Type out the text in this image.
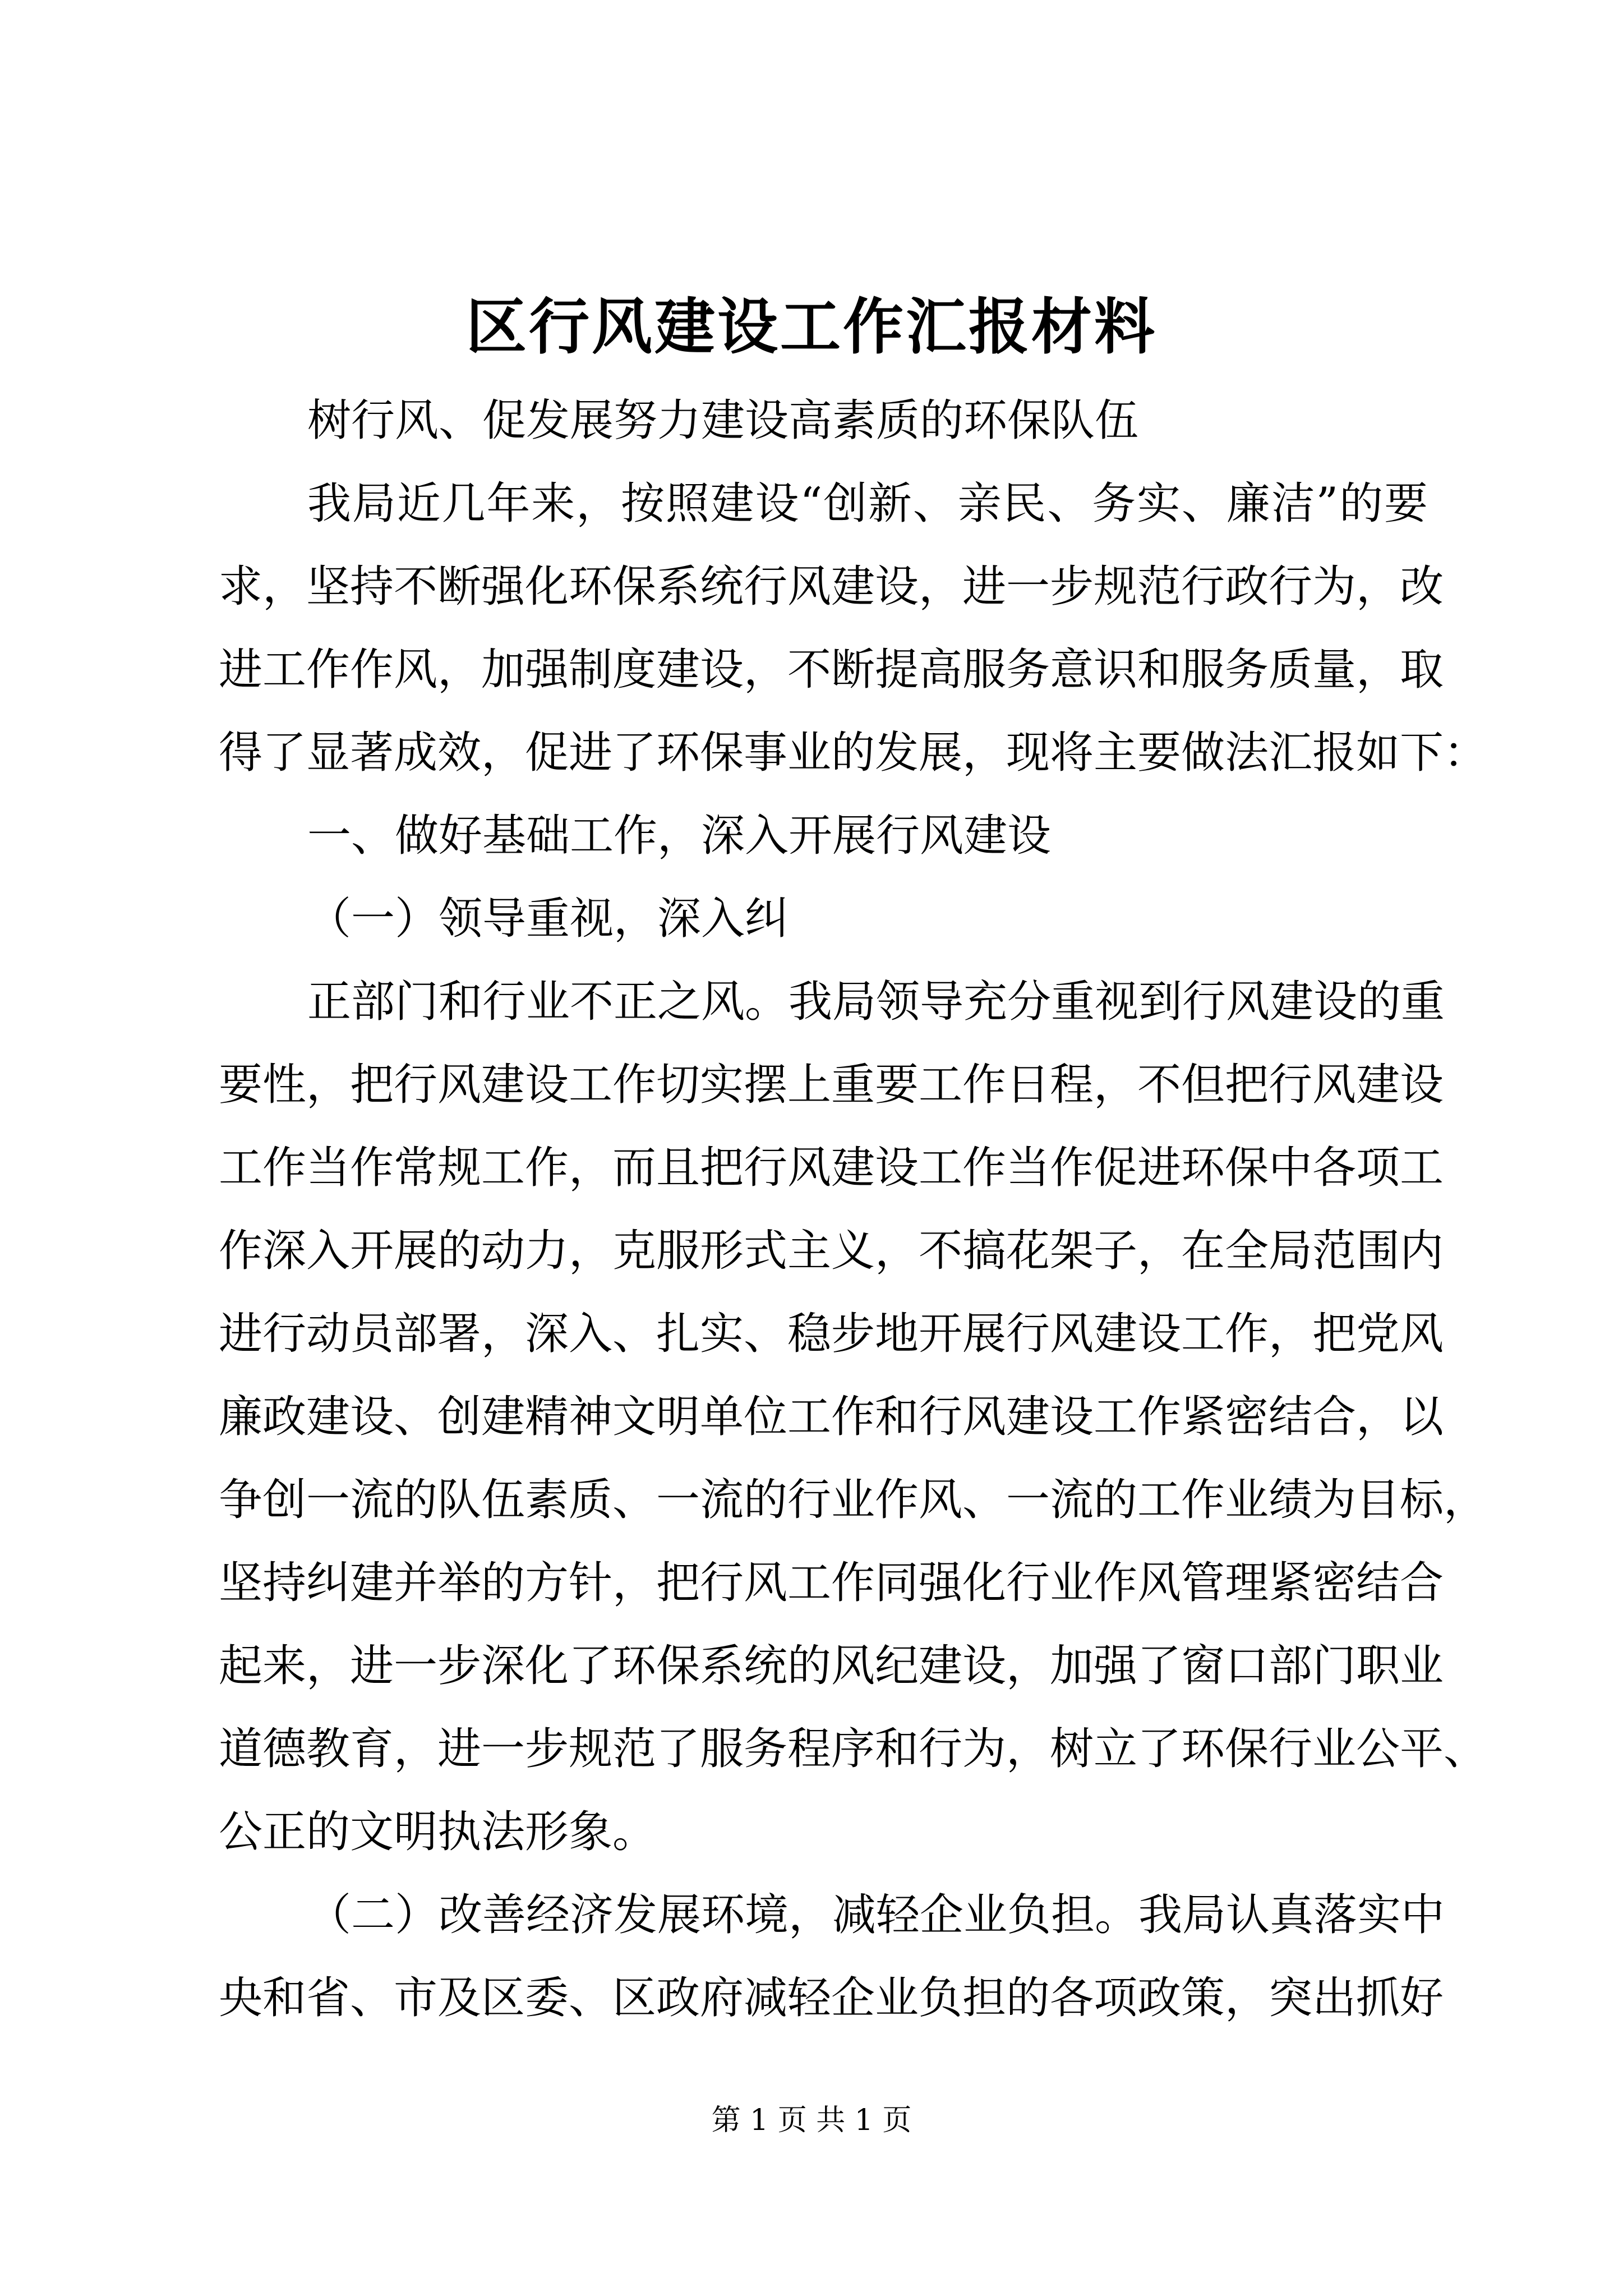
区行风建设工作汇报材料
树行风、促发展努力建设高素质的环保队伍
我局近几年来，按照建设“创新、亲民、务实、廉洁”的要
求，坚持不断强化环保系统行风建设，进一步规范行政行为，改
进工作作风，加强制度建设，不断提高服务意识和服务质量，取
得了显著成效，促进了环保事业的发展，现将主要做法汇报如下：
一、做好基础工作，深入开展行风建设
（一）领导重视，深入纠
正部门和行业不正之风。我局领导充分重视到行风建设的重
要性，把行风建设工作切实摆上重要工作日程，不但把行风建设
工作当作常规工作，而且把行风建设工作当作促进环保中各项工
作深入开展的动力，克服形式主义，不搞花架子，在全局范围内
进行动员部署，深入、扎实、稳步地开展行风建设工作，把党风
廉政建设、创建精神文明单位工作和行风建设工作紧密结合，以
争创一流的队伍素质、一流的行业作风、一流的工作业绩为目标，
坚持纠建并举的方针，把行风工作同强化行业作风管理紧密结合
起来，进一步深化了环保系统的风纪建设，加强了窗口部门职业
道德教育，进一步规范了服务程序和行为，树立了环保行业公平、
公正的文明执法形象。
（二）改善经济发展环境，减轻企业负担。我局认真落实中
央和省、市及区委、区政府减轻企业负担的各项政策，突出抓好
第 1 页 共 1 页
